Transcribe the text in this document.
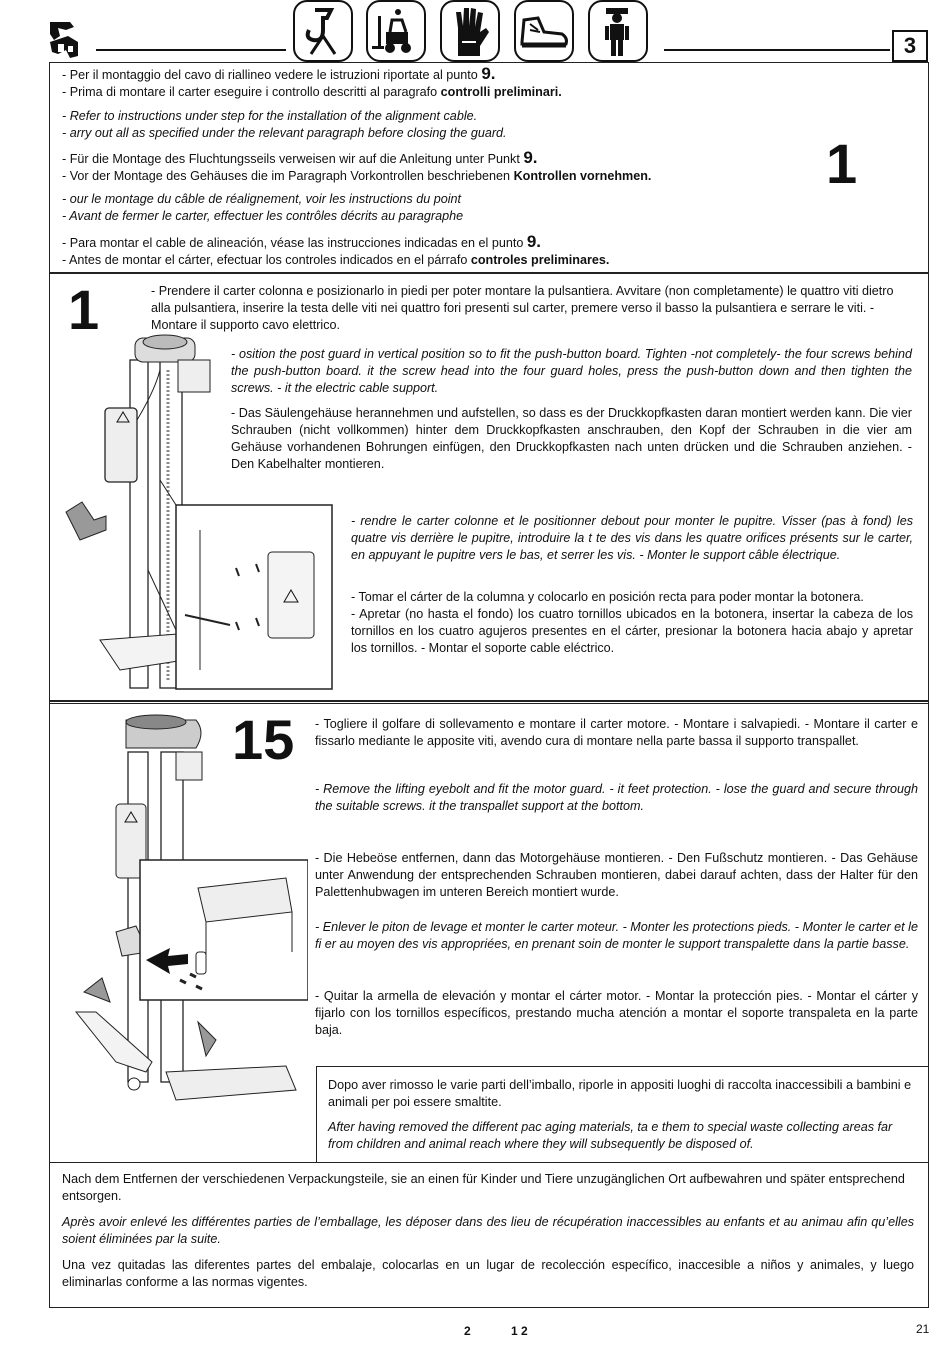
3

- Per il montaggio del cavo di riallineo vedere le istruzioni riportate al punto 9.

- Prima di montare il carter eseguire i controllo descritti al paragrafo controlli preliminari.

- Refer to instructions under step for the installation of the alignment cable.

- arry out all as specified under the relevant paragraph before closing the guard.

- Für die Montage des Fluchtungsseils verweisen wir auf die Anleitung unter Punkt 9.

- Vor der Montage des Gehäuses die im Paragraph Vorkontrollen beschriebenen Kontrollen vornehmen.

- our le montage du câble de réalignement, voir les instructions du point

- Avant de fermer le carter, effectuer les contrôles décrits au paragraphe

- Para montar el cable de alineación, véase las instrucciones indicadas en el punto 9.

- Antes de montar el cárter, efectuar los controles indicados en el párrafo controles preliminares.

1
1	- Prendere il carter colonna e posizionarlo in piedi per poter montare la pulsantiera. Avvitare (non completamente) le quattro viti dietro alla pulsantiera, inserire la testa delle viti nei quattro fori presenti sul carter, premere verso il basso la pulsantiera e serrare le viti. - Montare il supporto cavo elettrico.

- osition the post guard in vertical position so to fit the push-button board. Tighten -not completely- the four screws behind the push-button board. it the screw head into the four guard holes, press the push-button down and then tighten the screws. - it the electric cable support.

- Das Säulengehäuse herannehmen und aufstellen, so dass es der Druckkopfkasten daran montiert werden kann. Die vier Schrauben (nicht vollkommen) hinter dem Druckkopfkasten anschrauben, den Kopf der Schrauben in die vier am Gehäuse vorhandenen Bohrungen einfügen, den Druckkopfkasten nach unten drücken und die Schrauben anziehen. - Den Kabelhalter montieren.

- rendre le carter colonne et le positionner debout pour monter le pupitre. Visser (pas à fond) les quatre vis derrière le pupitre, introduire la t te des vis dans les quatre orifices présents sur le carter, en appuyant le pupitre vers le bas, et serrer les vis. - Monter le support câble électrique.

- Tomar el cárter de la columna y colocarlo en posición recta para poder montar la botonera.

- Apretar (no hasta el fondo) los cuatro tornillos ubicados en la botonera, insertar la cabeza de los tornillos en los cuatro agujeros presentes en el cárter, presionar la botonera hacia abajo y apretar los tornillos. - Montar el soporte cable eléctrico.

15 - Togliere il golfare di sollevamento e montare il carter motore. - Montare i salvapiedi. - Montare il carter e fissarlo mediante le apposite viti, avendo cura di montare nella parte bassa il supporto transpallet.

- Remove the lifting eyebolt and fit the motor guard. - it feet protection. - lose the guard and secure through the suitable screws. it the transpallet support at the bottom.

- Die Hebeöse entfernen, dann das Motorgehäuse montieren. - Den Fußschutz montieren. - Das Gehäuse unter Anwendung der entsprechenden Schrauben montieren, dabei darauf achten, dass der Halter für den Palettenhubwagen im unteren Bereich montiert wurde.

- Enlever le piton de levage et monter le carter moteur. - Monter les protections pieds. - Monter le carter et le fi er au moyen des vis appropriées, en prenant soin de monter le support transpalette dans la partie basse.

- Quitar la armella de elevación y montar el cárter motor. - Montar la protección pies. - Montar el cárter y fijarlo con los tornillos específicos, prestando mucha atención a montar el soporte transpaleta en la parte baja.

Dopo aver rimosso le varie parti dell’imballo, riporle in appositi luoghi di raccolta inaccessibili a bambini e animali per poi essere smaltite.

After having removed the different pac aging materials, ta e them to special waste collecting areas far from children and animal reach where they will subsequently be disposed of.

Nach dem Entfernen der verschiedenen Verpackungsteile, sie an einen für Kinder und Tiere unzugänglichen Ort aufbewahren und später entsprechend entsorgen.

Après avoir enlevé les différentes parties de l’emballage, les déposer dans des lieu de récupération inaccessibles au enfants et au animau afin qu’elles soient éliminées par la suite.

Una vez quitadas las diferentes partes del embalaje, colocarlas en un lugar de recolección específico, inaccesible a niños y animales, y luego eliminarlas conforme a las normas vigentes.

2	1 2	21
